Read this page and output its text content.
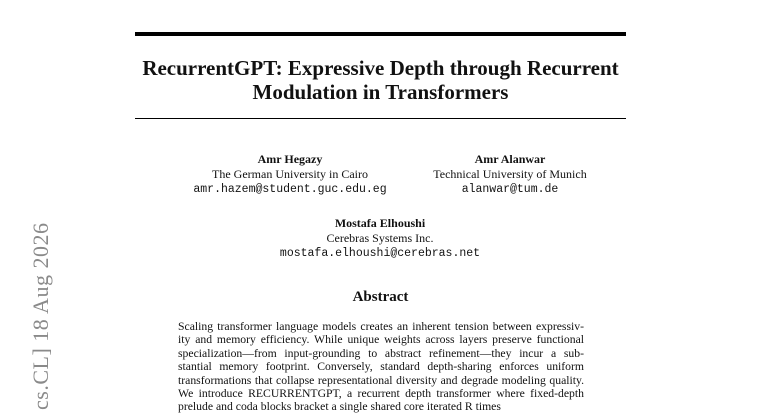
RecurrentGPT: Expressive Depth through Recurrent
Modulation in Transformers
Amr Hegazy
The German University in Cairo
amr.hazem@student.guc.edu.eg
Amr Alanwar
Technical University of Munich
alanwar@tum.de
Mostafa Elhoushi
Cerebras Systems Inc.
mostafa.elhoushi@cerebras.net
Abstract

Scaling transformer language models creates an inherent tension between expressiv- ity and memory efficiency. While unique weights across layers preserve functional specialization—from input-grounding to abstract refinement—they incur a sub- stantial memory footprint. Conversely, standard depth-sharing enforces uniform transformations that collapse representational diversity and degrade modeling quality. We introduce RECURRENTGPT, a recurrent depth transformer where fixed-depth prelude and coda blocks bracket a single shared core iterated R times

cs.CL] 18 Aug 2026
